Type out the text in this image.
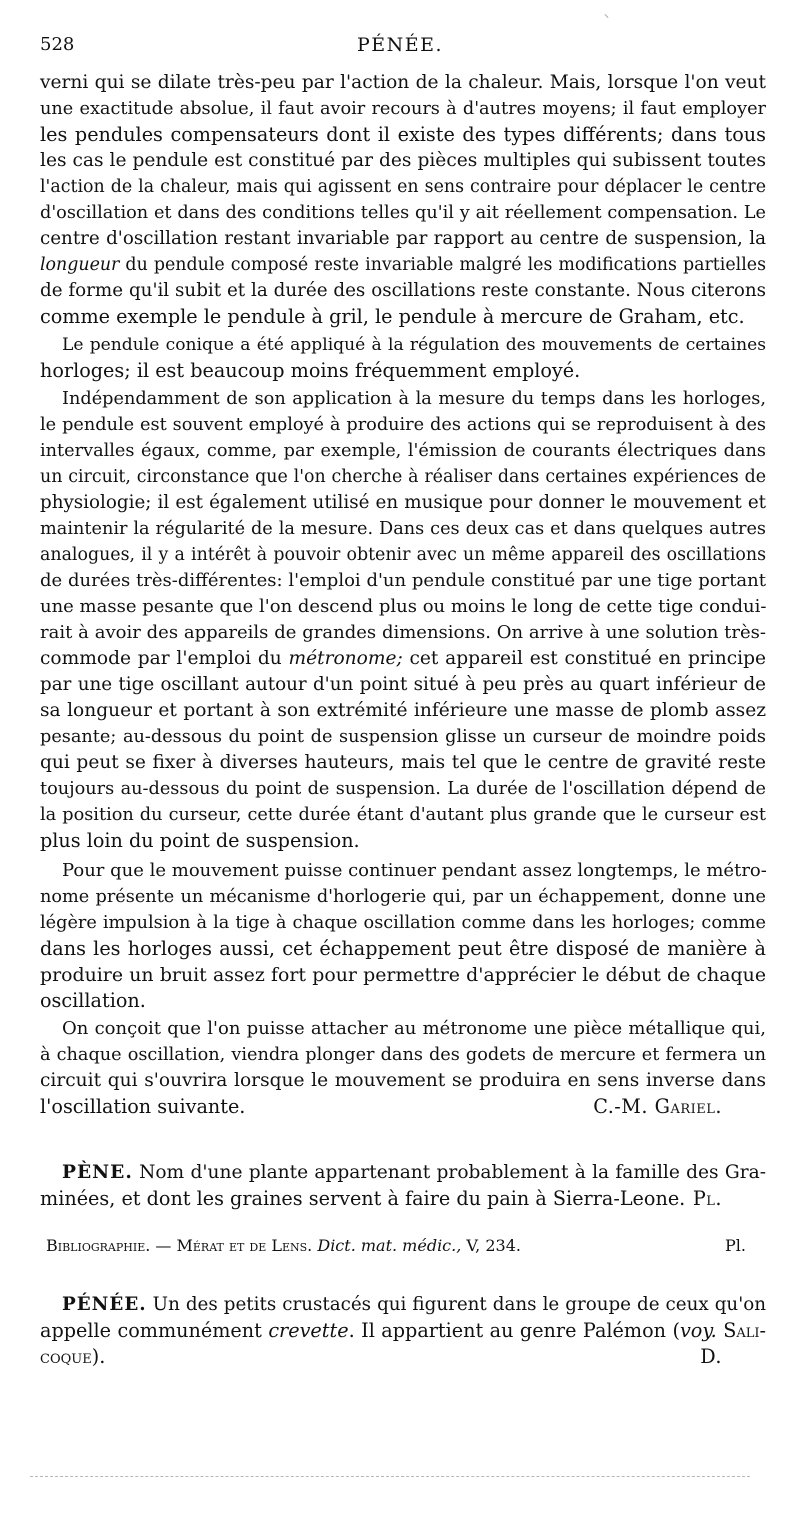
⸜
528	PÉNÉE.
verni qui se dilate très-peu par l'action de la chaleur. Mais, lorsque l'on veut
une exactitude absolue, il faut avoir recours à d'autres moyens; il faut employer
les pendules compensateurs dont il existe des types différents; dans tous
les cas le pendule est constitué par des pièces multiples qui subissent toutes
l'action de la chaleur, mais qui agissent en sens contraire pour déplacer le centre
d'oscillation et dans des conditions telles qu'il y ait réellement compensation. Le
centre d'oscillation restant invariable par rapport au centre de suspension, la
longueur du pendule composé reste invariable malgré les modifications partielles
de forme qu'il subit et la durée des oscillations reste constante. Nous citerons
comme exemple le pendule à gril, le pendule à mercure de Graham, etc.
Le pendule conique a été appliqué à la régulation des mouvements de certaines
horloges; il est beaucoup moins fréquemment employé.
Indépendamment de son application à la mesure du temps dans les horloges,
le pendule est souvent employé à produire des actions qui se reproduisent à des
intervalles égaux, comme, par exemple, l'émission de courants électriques dans
un circuit, circonstance que l'on cherche à réaliser dans certaines expériences de
physiologie; il est également utilisé en musique pour donner le mouvement et
maintenir la régularité de la mesure. Dans ces deux cas et dans quelques autres
analogues, il y a intérêt à pouvoir obtenir avec un même appareil des oscillations
de durées très-différentes: l'emploi d'un pendule constitué par une tige portant
une masse pesante que l'on descend plus ou moins le long de cette tige condui-
rait à avoir des appareils de grandes dimensions. On arrive à une solution très-
commode par l'emploi du métronome; cet appareil est constitué en principe
par une tige oscillant autour d'un point situé à peu près au quart inférieur de
sa longueur et portant à son extrémité inférieure une masse de plomb assez
pesante; au-dessous du point de suspension glisse un curseur de moindre poids
qui peut se fixer à diverses hauteurs, mais tel que le centre de gravité reste
toujours au-dessous du point de suspension. La durée de l'oscillation dépend de
la position du curseur, cette durée étant d'autant plus grande que le curseur est
plus loin du point de suspension.
Pour que le mouvement puisse continuer pendant assez longtemps, le métro-
nome présente un mécanisme d'horlogerie qui, par un échappement, donne une
légère impulsion à la tige à chaque oscillation comme dans les horloges; comme
dans les horloges aussi, cet échappement peut être disposé de manière à
produire un bruit assez fort pour permettre d'apprécier le début de chaque
oscillation.
On conçoit que l'on puisse attacher au métronome une pièce métallique qui,
à chaque oscillation, viendra plonger dans des godets de mercure et fermera un
circuit qui s'ouvrira lorsque le mouvement se produira en sens inverse dans
l'oscillation suivante.	C.-M. Gariel.
PÈNE. Nom d'une plante appartenant probablement à la famille des Gra-
minées, et dont les graines servent à faire du pain à Sierra-Leone. Pl.
Bibliographie. — Mérat et de Lens. Dict. mat. médic., V, 234.	Pl.
PÉNÉE. Un des petits crustacés qui figurent dans le groupe de ceux qu'on
appelle communément crevette. Il appartient au genre Palémon (voy. Sali-
coque).	D.
